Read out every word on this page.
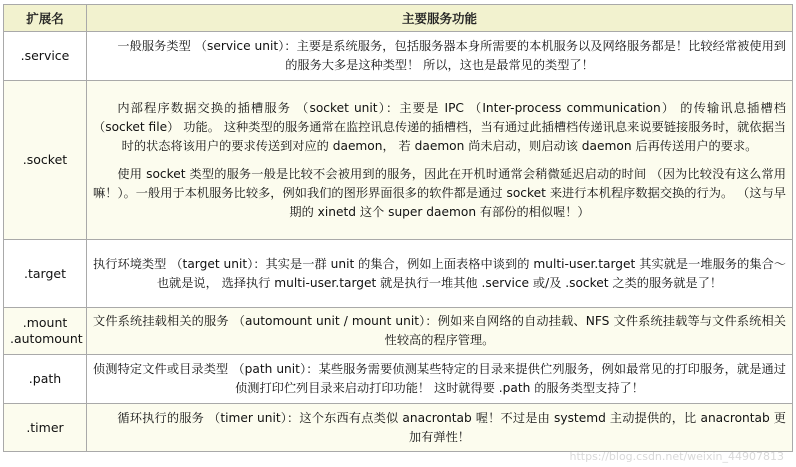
扩展名	主要服务功能

.service	一般服务类型 （service unit）：主要是系统服务，包括服务器本身所需要的本机服务以及网络服务都是！比较经常被使用到的服务大多是这种类型！ 所以，这也是最常见的类型了！

.socket	内部程序数据交换的插槽服务 （socket unit）：主要是 IPC （Inter-process communication） 的传输讯息插槽档 （socket file） 功能。 这种类型的服务通常在监控讯息传递的插槽档，当有通过此插槽档传递讯息来说要链接服务时，就依据当时的状态将该用户的要求传送到对应的 daemon， 若 daemon 尚未启动，则启动该 daemon 后再传送用户的要求。

使用 socket 类型的服务一般是比较不会被用到的服务，因此在开机时通常会稍微延迟启动的时间 （因为比较没有这么常用嘛！）。一般用于本机服务比较多，例如我们的图形界面很多的软件都是通过 socket 来进行本机程序数据交换的行为。 （这与早期的 xinetd 这个 super daemon 有部份的相似喔！）

.target	执行环境类型 （target unit）：其实是一群 unit 的集合，例如上面表格中谈到的 multi-user.target 其实就是一堆服务的集合～也就是说， 选择执行 multi-user.target 就是执行一堆其他 .service 或/及 .socket 之类的服务就是了！

.mount
.automount	文件系统挂载相关的服务 （automount unit / mount unit）：例如来自网络的自动挂载、NFS 文件系统挂载等与文件系统相关性较高的程序管理。

.path	侦测特定文件或目录类型 （path unit）：某些服务需要侦测某些特定的目录来提供伫列服务，例如最常见的打印服务，就是通过侦测打印伫列目录来启动打印功能！ 这时就得要 .path 的服务类型支持了！

.timer	循环执行的服务 （timer unit）：这个东西有点类似 anacrontab 喔！不过是由 systemd 主动提供的，比 anacrontab 更加有弹性！

https://blog.csdn.net/weixin_44907813
